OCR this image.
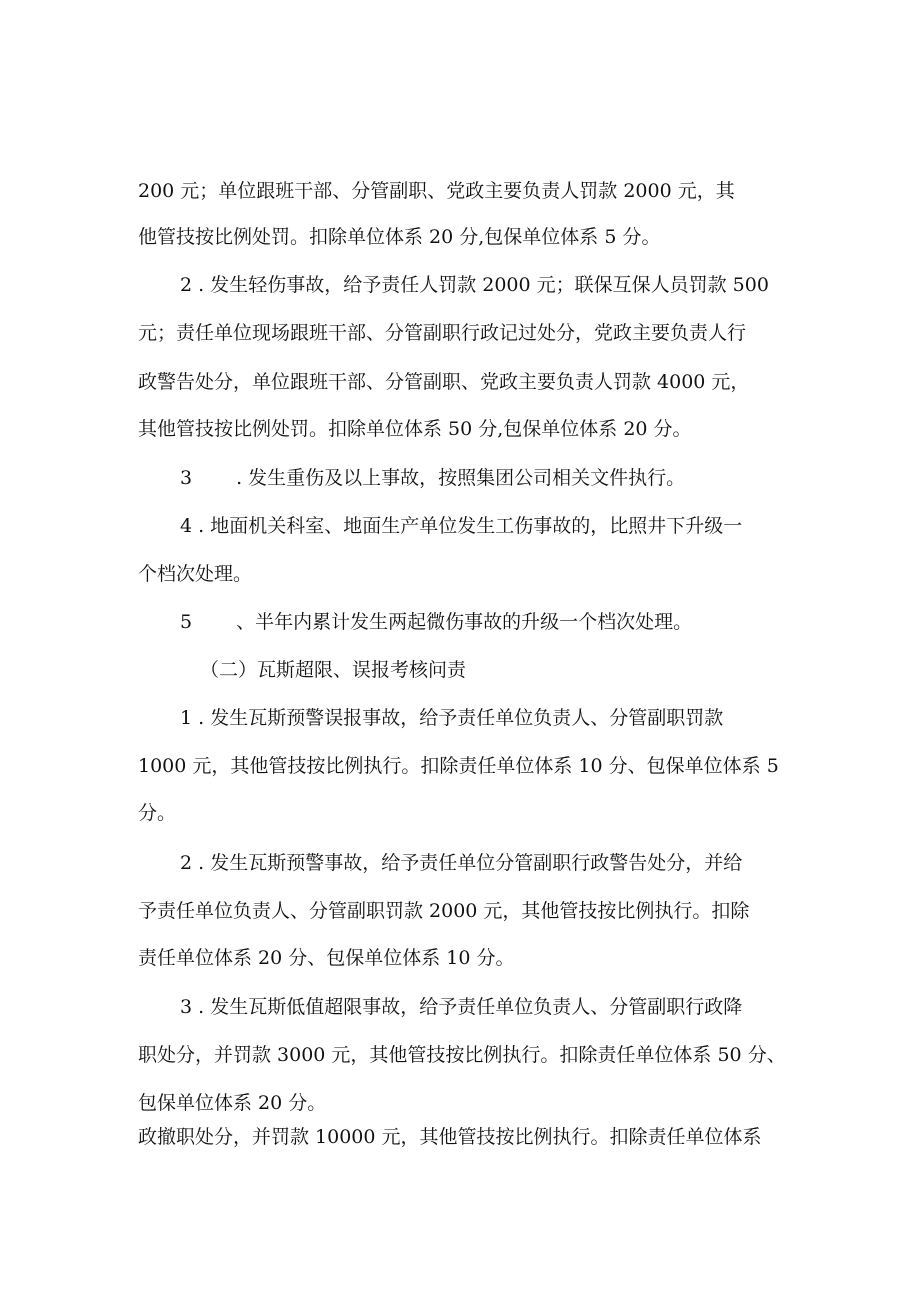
200 元；单位跟班干部、分管副职、党政主要负责人罚款 2000 元，其
他管技按比例处罚。扣除单位体系 20 分,包保单位体系 5 分。
2 . 发生轻伤事故，给予责任人罚款 2000 元；联保互保人员罚款 500
元；责任单位现场跟班干部、分管副职行政记过处分，党政主要负责人行
政警告处分，单位跟班干部、分管副职、党政主要负责人罚款 4000 元，
其他管技按比例处罚。扣除单位体系 50 分,包保单位体系 20 分。
3 . 发生重伤及以上事故，按照集团公司相关文件执行。
4 . 地面机关科室、地面生产单位发生工伤事故的，比照井下升级一
个档次处理。
5 、半年内累计发生两起微伤事故的升级一个档次处理。
（二）瓦斯超限、误报考核问责
1 . 发生瓦斯预警误报事故，给予责任单位负责人、分管副职罚款
1000 元，其他管技按比例执行。扣除责任单位体系 10 分、包保单位体系 5
分。
2 . 发生瓦斯预警事故，给予责任单位分管副职行政警告处分，并给
予责任单位负责人、分管副职罚款 2000 元，其他管技按比例执行。扣除
责任单位体系 20 分、包保单位体系 10 分。
3 . 发生瓦斯低值超限事故，给予责任单位负责人、分管副职行政降
职处分，并罚款 3000 元，其他管技按比例执行。扣除责任单位体系 50 分、
包保单位体系 20 分。
政撤职处分，并罚款 10000 元，其他管技按比例执行。扣除责任单位体系
